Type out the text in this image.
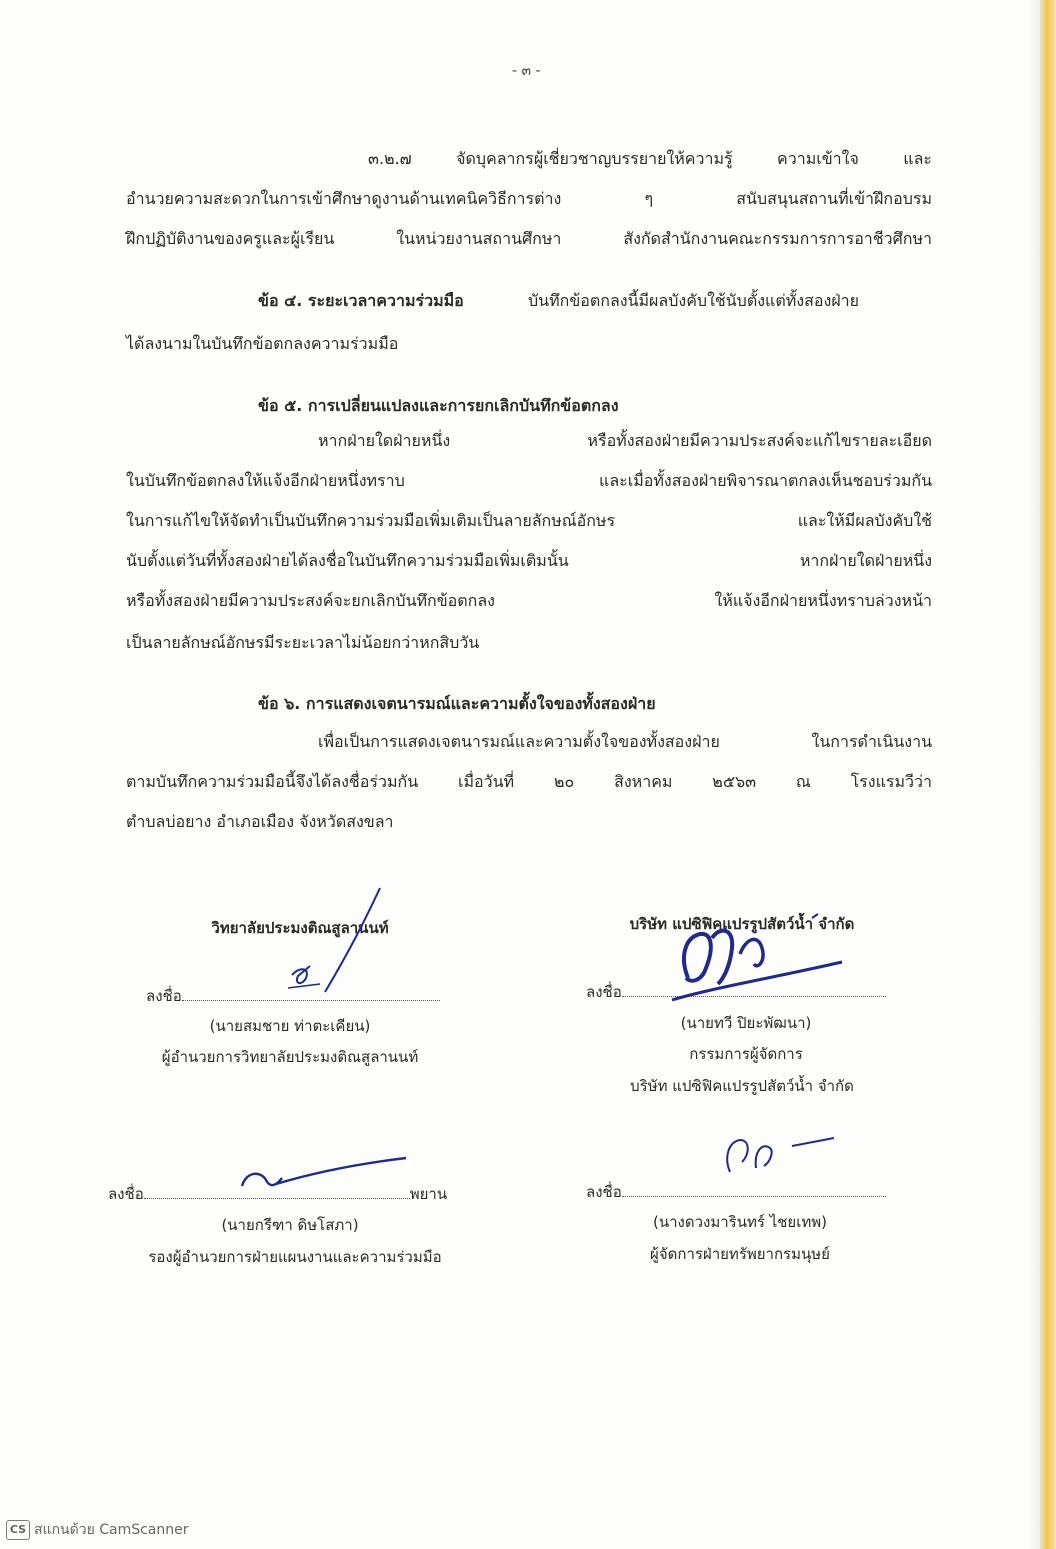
- ๓ -
๓.๒.๗ จัดบุคลากรผู้เชี่ยวชาญบรรยายให้ความรู้ ความเข้าใจ และ
อำนวยความสะดวกในการเข้าศึกษาดูงานด้านเทคนิควิธีการต่าง ๆ สนับสนุนสถานที่เข้าฝึกอบรม
ฝึกปฏิบัติงานของครูและผู้เรียน ในหน่วยงานสถานศึกษา สังกัดสำนักงานคณะกรรมการการอาชีวศึกษา
ข้อ ๔. ระยะเวลาความร่วมมือ	บันทึกข้อตกลงนี้มีผลบังคับใช้นับตั้งแต่ทั้งสองฝ่าย
ได้ลงนามในบันทึกข้อตกลงความร่วมมือ
ข้อ ๕. การเปลี่ยนแปลงและการยกเลิกบันทึกข้อตกลง
หากฝ่ายใดฝ่ายหนึ่ง หรือทั้งสองฝ่ายมีความประสงค์จะแก้ไขรายละเอียด
ในบันทึกข้อตกลงให้แจ้งอีกฝ่ายหนึ่งทราบ และเมื่อทั้งสองฝ่ายพิจารณาตกลงเห็นชอบร่วมกัน
ในการแก้ไขให้จัดทำเป็นบันทึกความร่วมมือเพิ่มเติมเป็นลายลักษณ์อักษร และให้มีผลบังคับใช้
นับตั้งแต่วันที่ทั้งสองฝ่ายได้ลงชื่อในบันทึกความร่วมมือเพิ่มเติมนั้น หากฝ่ายใดฝ่ายหนึ่ง
หรือทั้งสองฝ่ายมีความประสงค์จะยกเลิกบันทึกข้อตกลง ให้แจ้งอีกฝ่ายหนึ่งทราบล่วงหน้า
เป็นลายลักษณ์อักษรมีระยะเวลาไม่น้อยกว่าหกสิบวัน
ข้อ ๖. การแสดงเจตนารมณ์และความตั้งใจของทั้งสองฝ่าย
เพื่อเป็นการแสดงเจตนารมณ์และความตั้งใจของทั้งสองฝ่าย ในการดำเนินงาน
ตามบันทึกความร่วมมือนี้จึงได้ลงชื่อร่วมกัน เมื่อวันที่ ๒๐ สิงหาคม ๒๕๖๓ ณ โรงแรมวีว่า
ตำบลบ่อยาง อำเภอเมือง จังหวัดสงขลา
วิทยาลัยประมงติณสูลานนท์
ลงชื่อ
(นายสมชาย ท่าตะเคียน)
ผู้อำนวยการวิทยาลัยประมงติณสูลานนท์
บริษัท แปซิฟิคแปรรูปสัตว์น้ำ จำกัด
ลงชื่อ
(นายทวี ปิยะพัฒนา)
กรรมการผู้จัดการ
บริษัท แปซิฟิคแปรรูปสัตว์น้ำ จำกัด
ลงชื่อ	พยาน
(นายกรีฑา ดิษโสภา)
รองผู้อำนวยการฝ่ายแผนงานและความร่วมมือ
ลงชื่อ
(นางดวงมารินทร์ ไชยเทพ)
ผู้จัดการฝ่ายทรัพยากรมนุษย์
CS สแกนด้วย CamScanner
